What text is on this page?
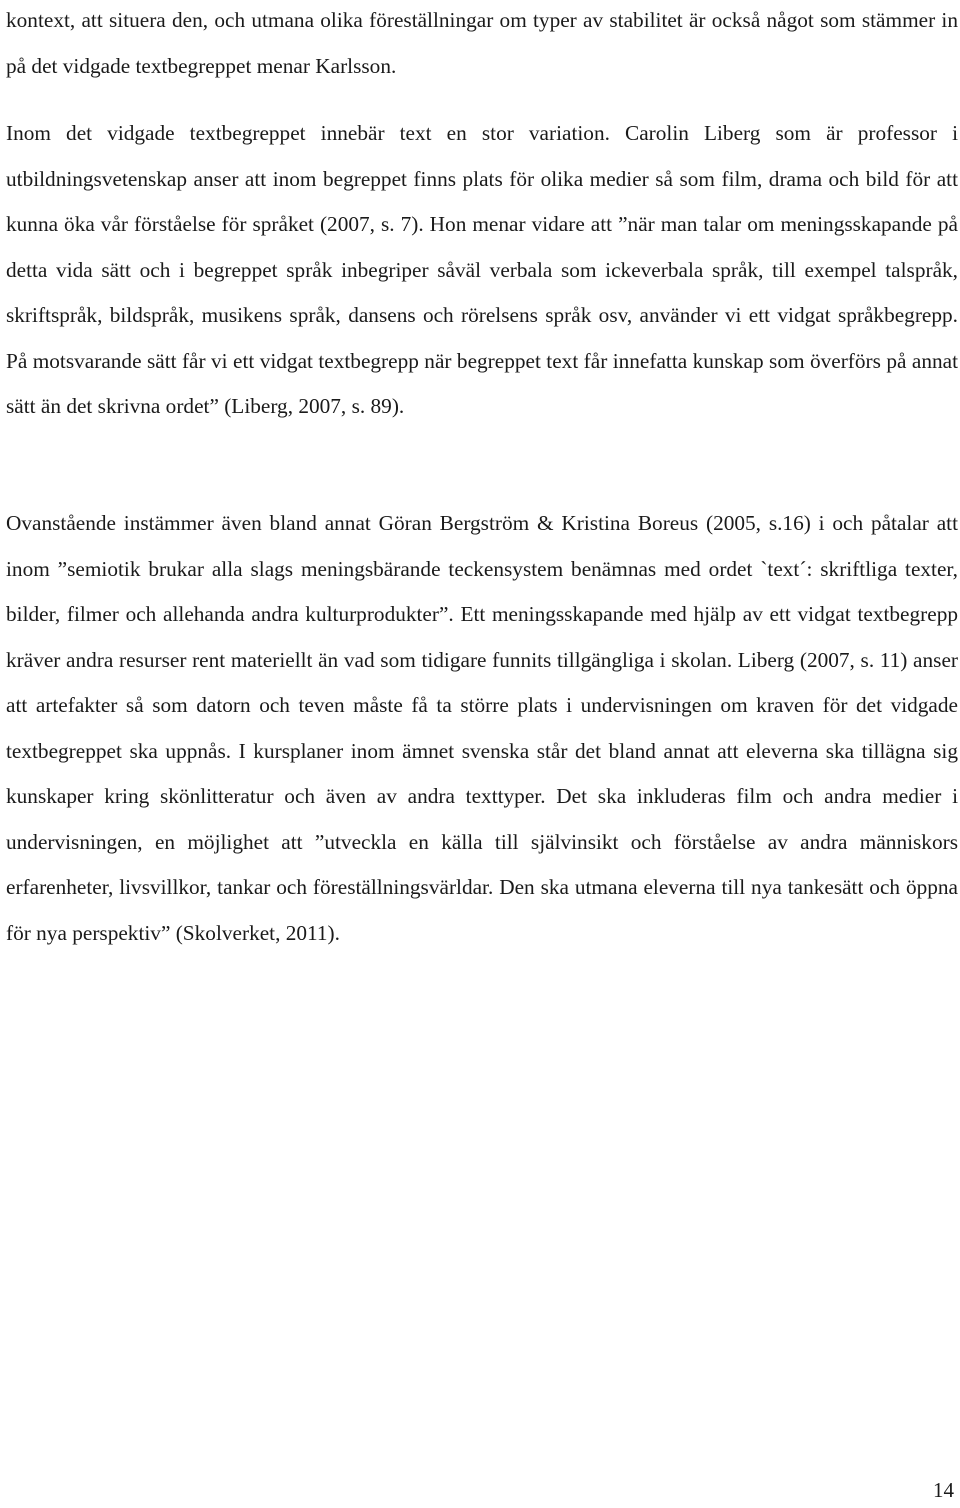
kontext, att situera den, och utmana olika föreställningar om typer av stabilitet är också något som stämmer in på det vidgade textbegreppet menar Karlsson.

Inom det vidgade textbegreppet innebär text en stor variation. Carolin Liberg som är professor i utbildningsvetenskap anser att inom begreppet finns plats för olika medier så som film, drama och bild för att kunna öka vår förståelse för språket (2007, s. 7). Hon menar vidare att ”när man talar om meningsskapande på detta vida sätt och i begreppet språk inbegriper såväl verbala som ickeverbala språk, till exempel talspråk, skriftspråk, bildspråk, musikens språk, dansens och rörelsens språk osv, använder vi ett vidgat språkbegrepp. På motsvarande sätt får vi ett vidgat textbegrepp när begreppet text får innefatta kunskap som överförs på annat sätt än det skrivna ordet” (Liberg, 2007, s. 89).

Ovanstående instämmer även bland annat Göran Bergström & Kristina Boreus (2005, s.16) i och påtalar att inom ”semiotik brukar alla slags meningsbärande teckensystem benämnas med ordet `text´: skriftliga texter, bilder, filmer och allehanda andra kulturprodukter”. Ett meningsskapande med hjälp av ett vidgat textbegrepp kräver andra resurser rent materiellt än vad som tidigare funnits tillgängliga i skolan. Liberg (2007, s. 11) anser att artefakter så som datorn och teven måste få ta större plats i undervisningen om kraven för det vidgade textbegreppet ska uppnås. I kursplaner inom ämnet svenska står det bland annat att eleverna ska tillägna sig kunskaper kring skönlitteratur och även av andra texttyper. Det ska inkluderas film och andra medier i undervisningen, en möjlighet att ”utveckla en källa till självinsikt och förståelse av andra människors erfarenheter, livsvillkor, tankar och föreställningsvärldar. Den ska utmana eleverna till nya tankesätt och öppna för nya perspektiv” (Skolverket, 2011).

14
